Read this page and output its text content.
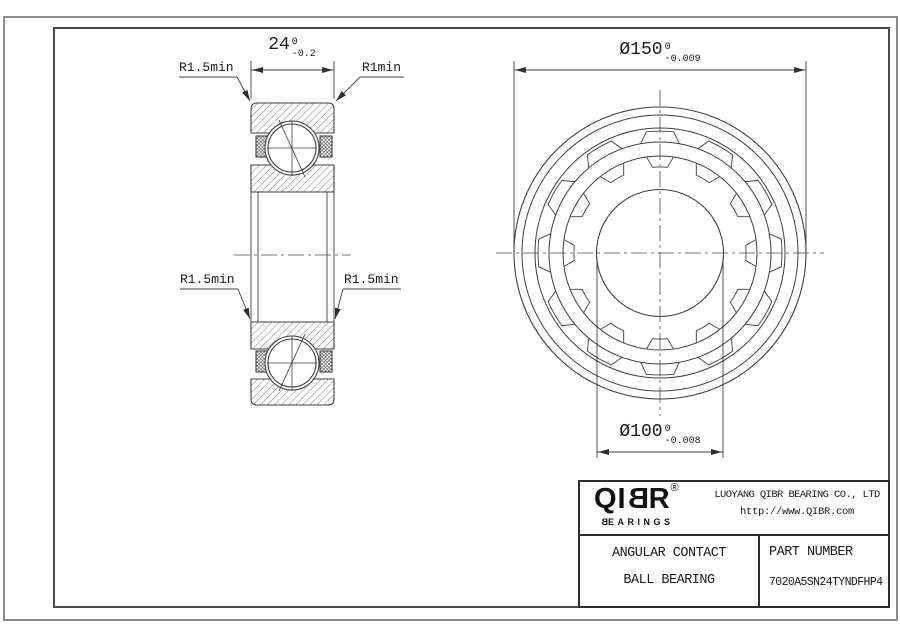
24 0
-0.2	Ø150 0
-0.009
Ø100 0
-0.008
R1.5min	R1min
R1.5min	R1.5min
QIBR®
BEARINGS
LUOYANG QIBR BEARING CO., LTD
http://www.QIBR.com
ANGULAR CONTACT
BALL BEARING
PART NUMBER
7020A5SN24TYNDFHP4
